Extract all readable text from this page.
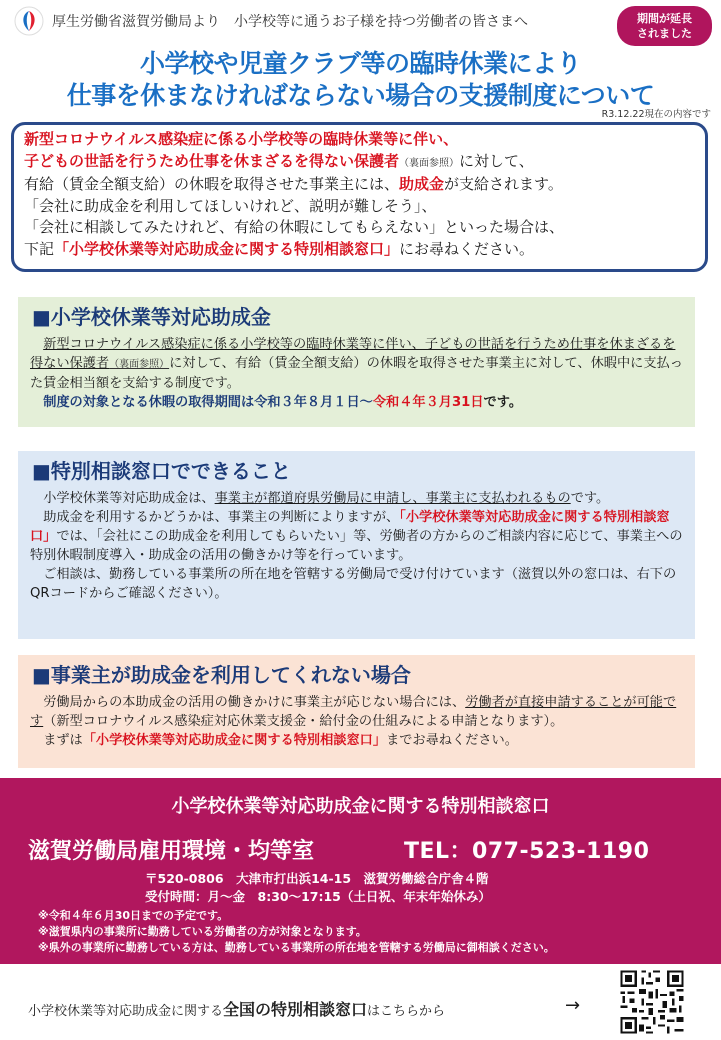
厚生労働省滋賀労働局より　小学校等に通うお子様を持つ労働者の皆さまへ	期間が延長
されました
小学校や児童クラブ等の臨時休業により
仕事を休まなければならない場合の支援制度について
R3.12.22現在の内容です
新型コロナウイルス感染症に係る小学校等の臨時休業等に伴い、
子どもの世話を行うため仕事を休まざるを得ない保護者（裏面参照）に対して、
有給（賃金全額支給）の休暇を取得させた事業主には、助成金が支給されます。
「会社に助成金を利用してほしいけれど、説明が難しそう」、
「会社に相談してみたけれど、有給の休暇にしてもらえない」といった場合は、
下記「小学校休業等対応助成金に関する特別相談窓口」にお尋ねください。
■小学校休業等対応助成金

　新型コロナウイルス感染症に係る小学校等の臨時休業等に伴い、子どもの世話を行うため仕事を休まざるを得ない保護者（裏面参照）に対して、有給（賃金全額支給）の休暇を取得させた事業主に対して、休暇中に支払った賃金相当額を支給する制度です。

　制度の対象となる休暇の取得期間は令和３年８月１日～令和４年３月31日です。

■特別相談窓口でできること

　小学校休業等対応助成金は、事業主が都道府県労働局に申請し、事業主に支払われるものです。

　助成金を利用するかどうかは、事業主の判断によりますが、「小学校休業等対応助成金に関する特別相談窓口」では、「会社にこの助成金を利用してもらいたい」等、労働者の方からのご相談内容に応じて、事業主への特別休暇制度導入・助成金の活用の働きかけ等を行っています。

　ご相談は、勤務している事業所の所在地を管轄する労働局で受け付けています（滋賀以外の窓口は、右下のQRコードからご確認ください）。

■事業主が助成金を利用してくれない場合

　労働局からの本助成金の活用の働きかけに事業主が応じない場合には、労働者が直接申請することが可能です（新型コロナウイルス感染症対応休業支援金・給付金の仕組みによる申請となります）。

　まずは「小学校休業等対応助成金に関する特別相談窓口」までお尋ねください。

小学校休業等対応助成金に関する特別相談窓口
滋賀労働局雇用環境・均等室	TEL：077-523-1190
〒520-0806　大津市打出浜14-15　滋賀労働総合庁舎４階
受付時間：月～金　8:30～17:15（土日祝、年末年始休み）
※令和４年６月30日までの予定です。
※滋賀県内の事業所に勤務している労働者の方が対象となります。
※県外の事業所に勤務している方は、勤務している事業所の所在地を管轄する労働局に御相談ください。
小学校休業等対応助成金に関する全国の特別相談窓口はこちらから	→
